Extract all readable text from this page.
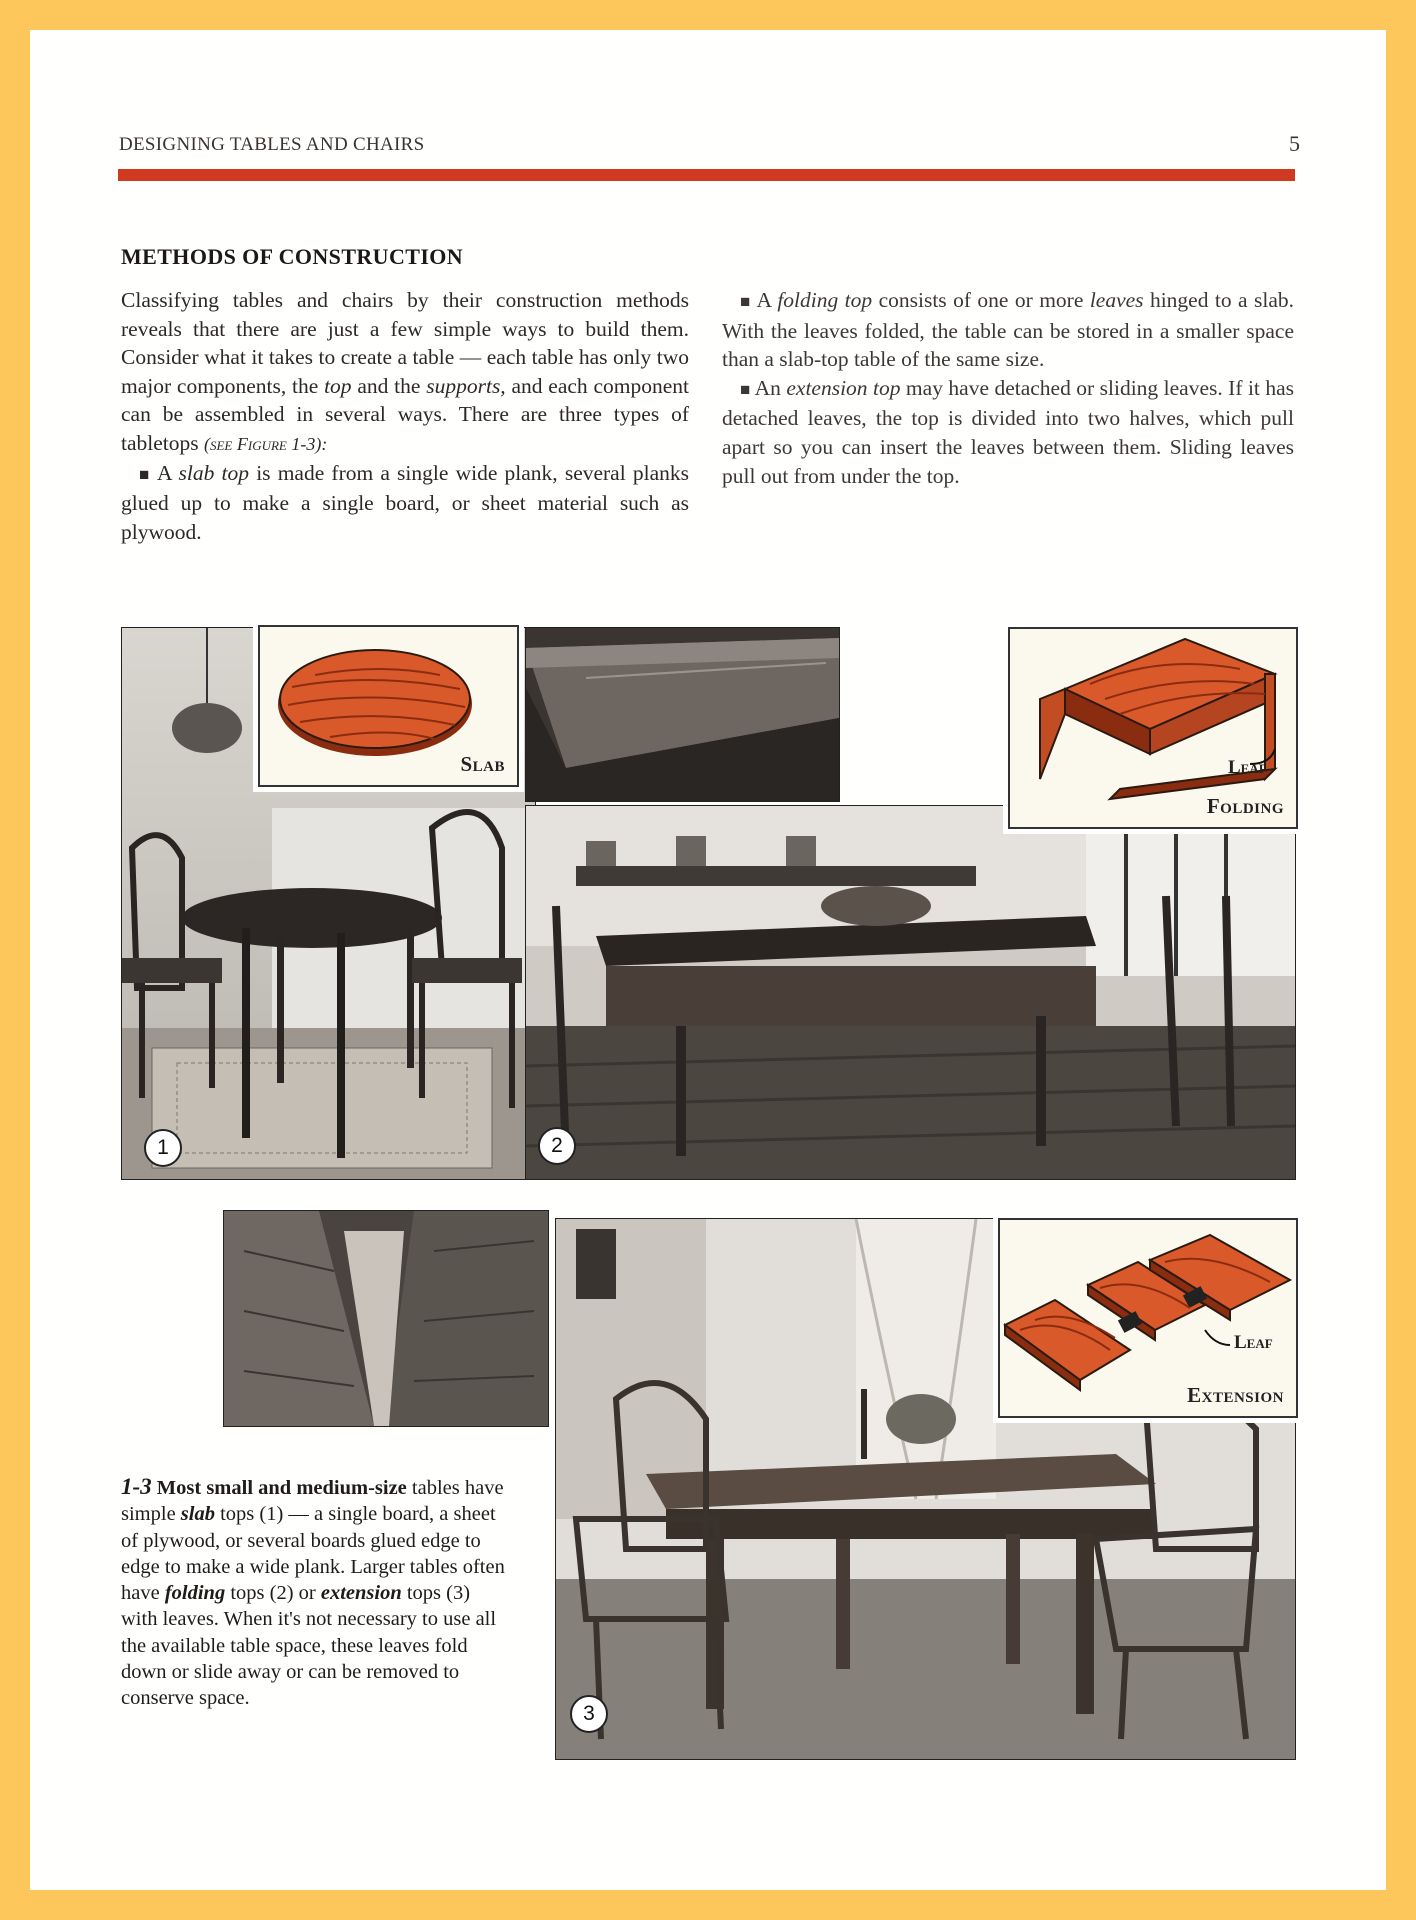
DESIGNING TABLES AND CHAIRS	5
METHODS OF CONSTRUCTION

Classifying tables and chairs by their construction methods reveals that there are just a few simple ways to build them. Consider what it takes to create a table — each table has only two major components, the top and the supports, and each component can be assembled in several ways. There are three types of tabletops (see Figure 1-3):

■ A slab top is made from a single wide plank, several planks glued up to make a single board, or sheet material such as plywood.

■ A folding top consists of one or more leaves hinged to a slab. With the leaves folded, the table can be stored in a smaller space than a slab-top table of the same size.

■ An extension top may have detached or sliding leaves. If it has detached leaves, the top is divided into two halves, which pull apart so you can insert the leaves between them. Sliding leaves pull out from under the top.

1
Slab
2
Leaf
Folding
3
Leaf
Extension
1-3 Most small and medium-size tables have simple slab tops (1) — a single board, a sheet of plywood, or several boards glued edge to edge to make a wide plank. Larger tables often have folding tops (2) or extension tops (3) with leaves. When it's not necessary to use all the available table space, these leaves fold down or slide away or can be removed to conserve space.
